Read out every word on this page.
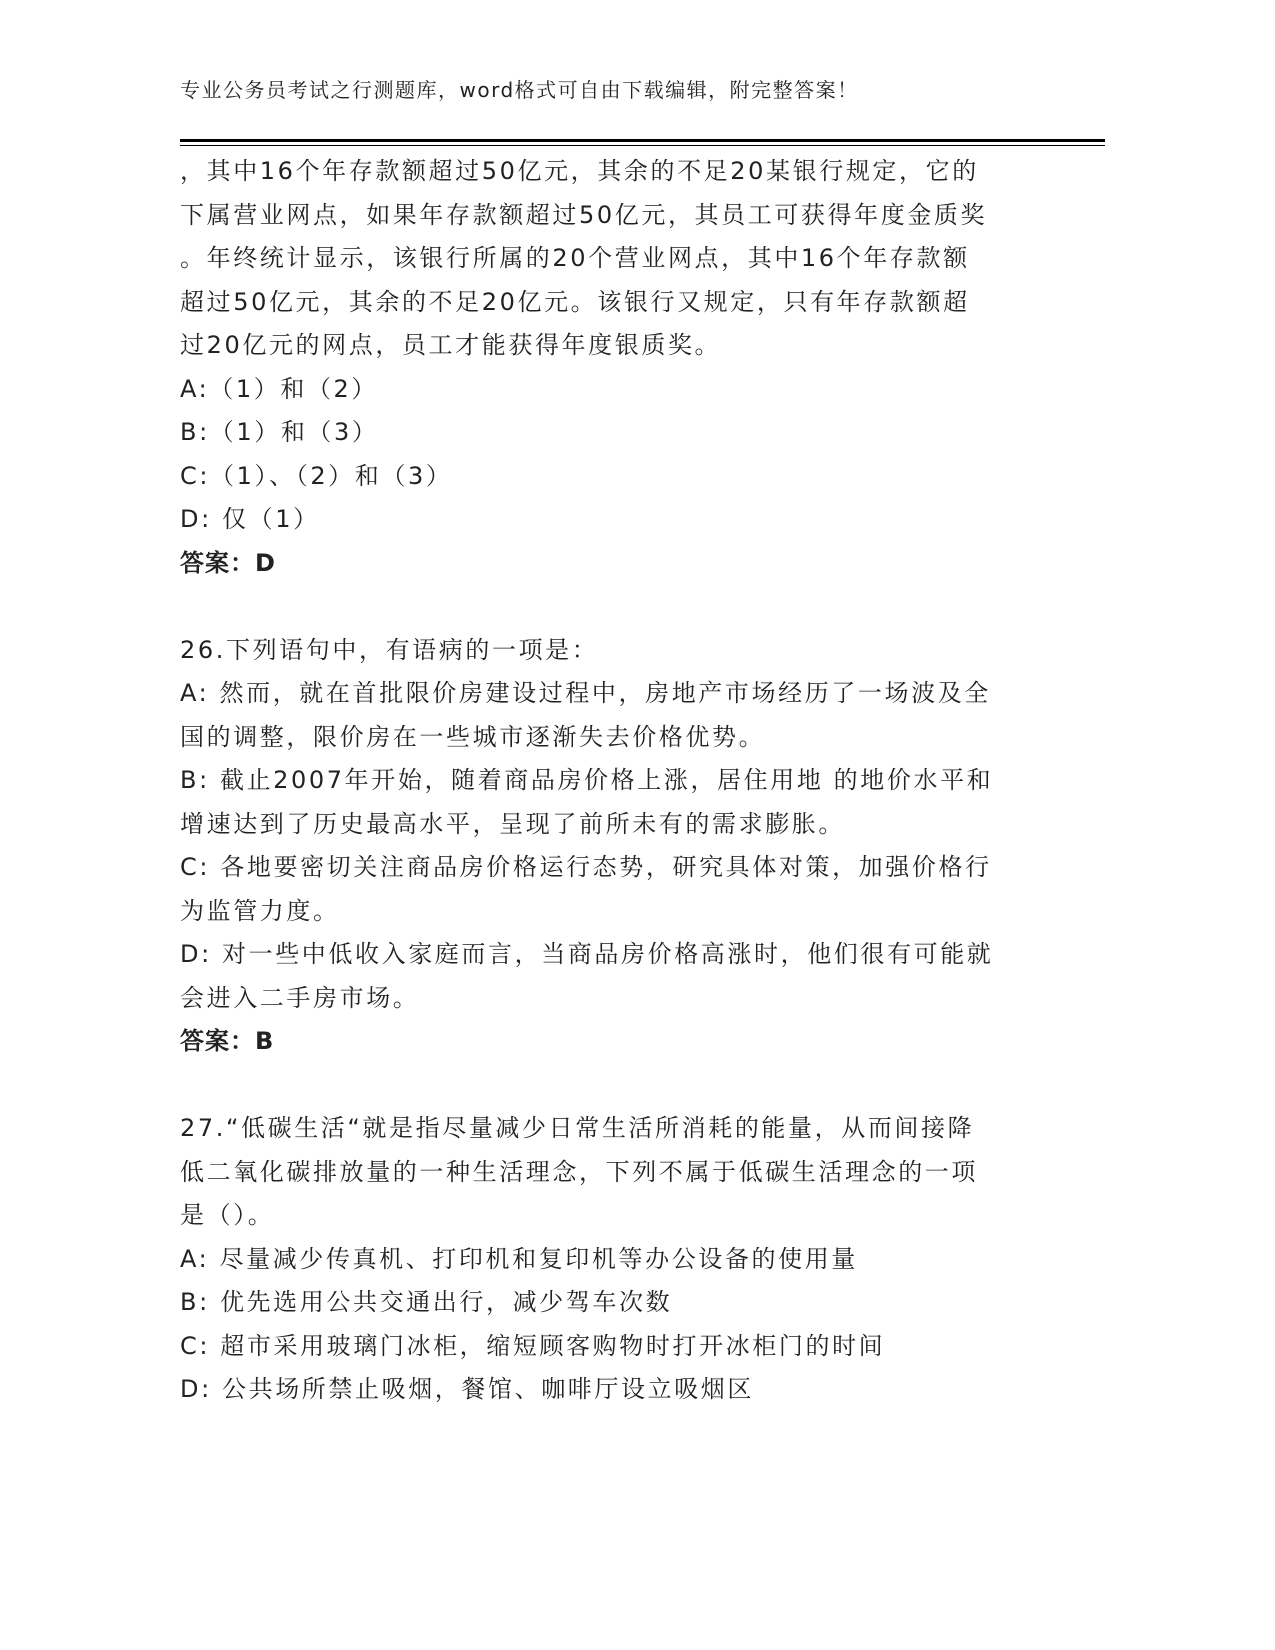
专业公务员考试之行测题库，word格式可自由下载编辑，附完整答案！
，其中16个年存款额超过50亿元，其余的不足20某银行规定，它的
下属营业网点，如果年存款额超过50亿元，其员工可获得年度金质奖
。年终统计显示，该银行所属的20个营业网点，其中16个年存款额
超过50亿元，其余的不足20亿元。该银行又规定，只有年存款额超
过20亿元的网点，员工才能获得年度银质奖。
A:（1）和（2）
B:（1）和（3）
C:（1）、（2）和（3）
D: 仅（1）
答案：D
26.下列语句中，有语病的一项是：
A: 然而，就在首批限价房建设过程中，房地产市场经历了一场波及全
国的调整，限价房在一些城市逐渐失去价格优势。
B: 截止2007年开始，随着商品房价格上涨，居住用地 的地价水平和
增速达到了历史最高水平，呈现了前所未有的需求膨胀。
C: 各地要密切关注商品房价格运行态势，研究具体对策，加强价格行
为监管力度。
D: 对一些中低收入家庭而言，当商品房价格高涨时，他们很有可能就
会进入二手房市场。
答案：B
27.“低碳生活“就是指尽量减少日常生活所消耗的能量，从而间接降
低二氧化碳排放量的一种生活理念，下列不属于低碳生活理念的一项
是（）。
A: 尽量减少传真机、打印机和复印机等办公设备的使用量
B: 优先选用公共交通出行，减少驾车次数
C: 超市采用玻璃门冰柜，缩短顾客购物时打开冰柜门的时间
D: 公共场所禁止吸烟，餐馆、咖啡厅设立吸烟区
